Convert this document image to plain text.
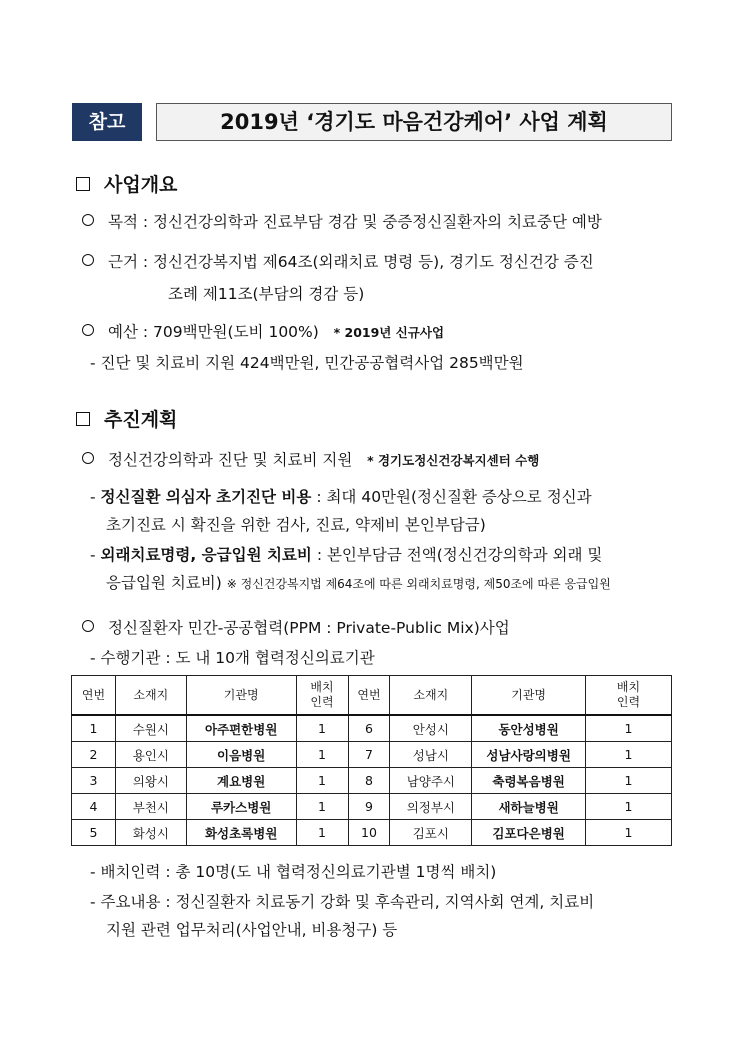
참고	2019년 ‘경기도 마음건강케어’ 사업 계획
사업개요
목적 : 정신건강의학과 진료부담 경감 및 중증정신질환자의 치료중단 예방
근거 : 정신건강복지법 제64조(외래치료 명령 등), 경기도 정신건강 증진
조례 제11조(부담의 경감 등)
예산 : 709백만원(도비 100%) * 2019년 신규사업
- 진단 및 치료비 지원 424백만원, 민간공공협력사업 285백만원
추진계획
정신건강의학과 진단 및 치료비 지원 * 경기도정신건강복지센터 수행
- 정신질환 의심자 초기진단 비용 : 최대 40만원(정신질환 증상으로 정신과
초기진료 시 확진을 위한 검사, 진료, 약제비 본인부담금)
- 외래치료명령, 응급입원 치료비 : 본인부담금 전액(정신건강의학과 외래 및
응급입원 치료비) ※ 정신건강복지법 제64조에 따른 외래치료명령, 제50조에 따른 응급입원
정신질환자 민간-공공협력(PPM : Private-Public Mix)사업
- 수행기관 : 도 내 10개 협력정신의료기관
연번	소재지	기관명	배치 인력	연번	소재지	기관명	배치 인력
1	수원시	아주편한병원	1	6	안성시	동안성병원	1
2	용인시	이음병원	1	7	성남시	성남사랑의병원	1
3	의왕시	계요병원	1	8	남양주시	축령복음병원	1
4	부천시	루카스병원	1	9	의정부시	새하늘병원	1
5	화성시	화성초록병원	1	10	김포시	김포다은병원	1
- 배치인력 : 총 10명(도 내 협력정신의료기관별 1명씩 배치)
- 주요내용 : 정신질환자 치료동기 강화 및 후속관리, 지역사회 연계, 치료비
지원 관련 업무처리(사업안내, 비용청구) 등
